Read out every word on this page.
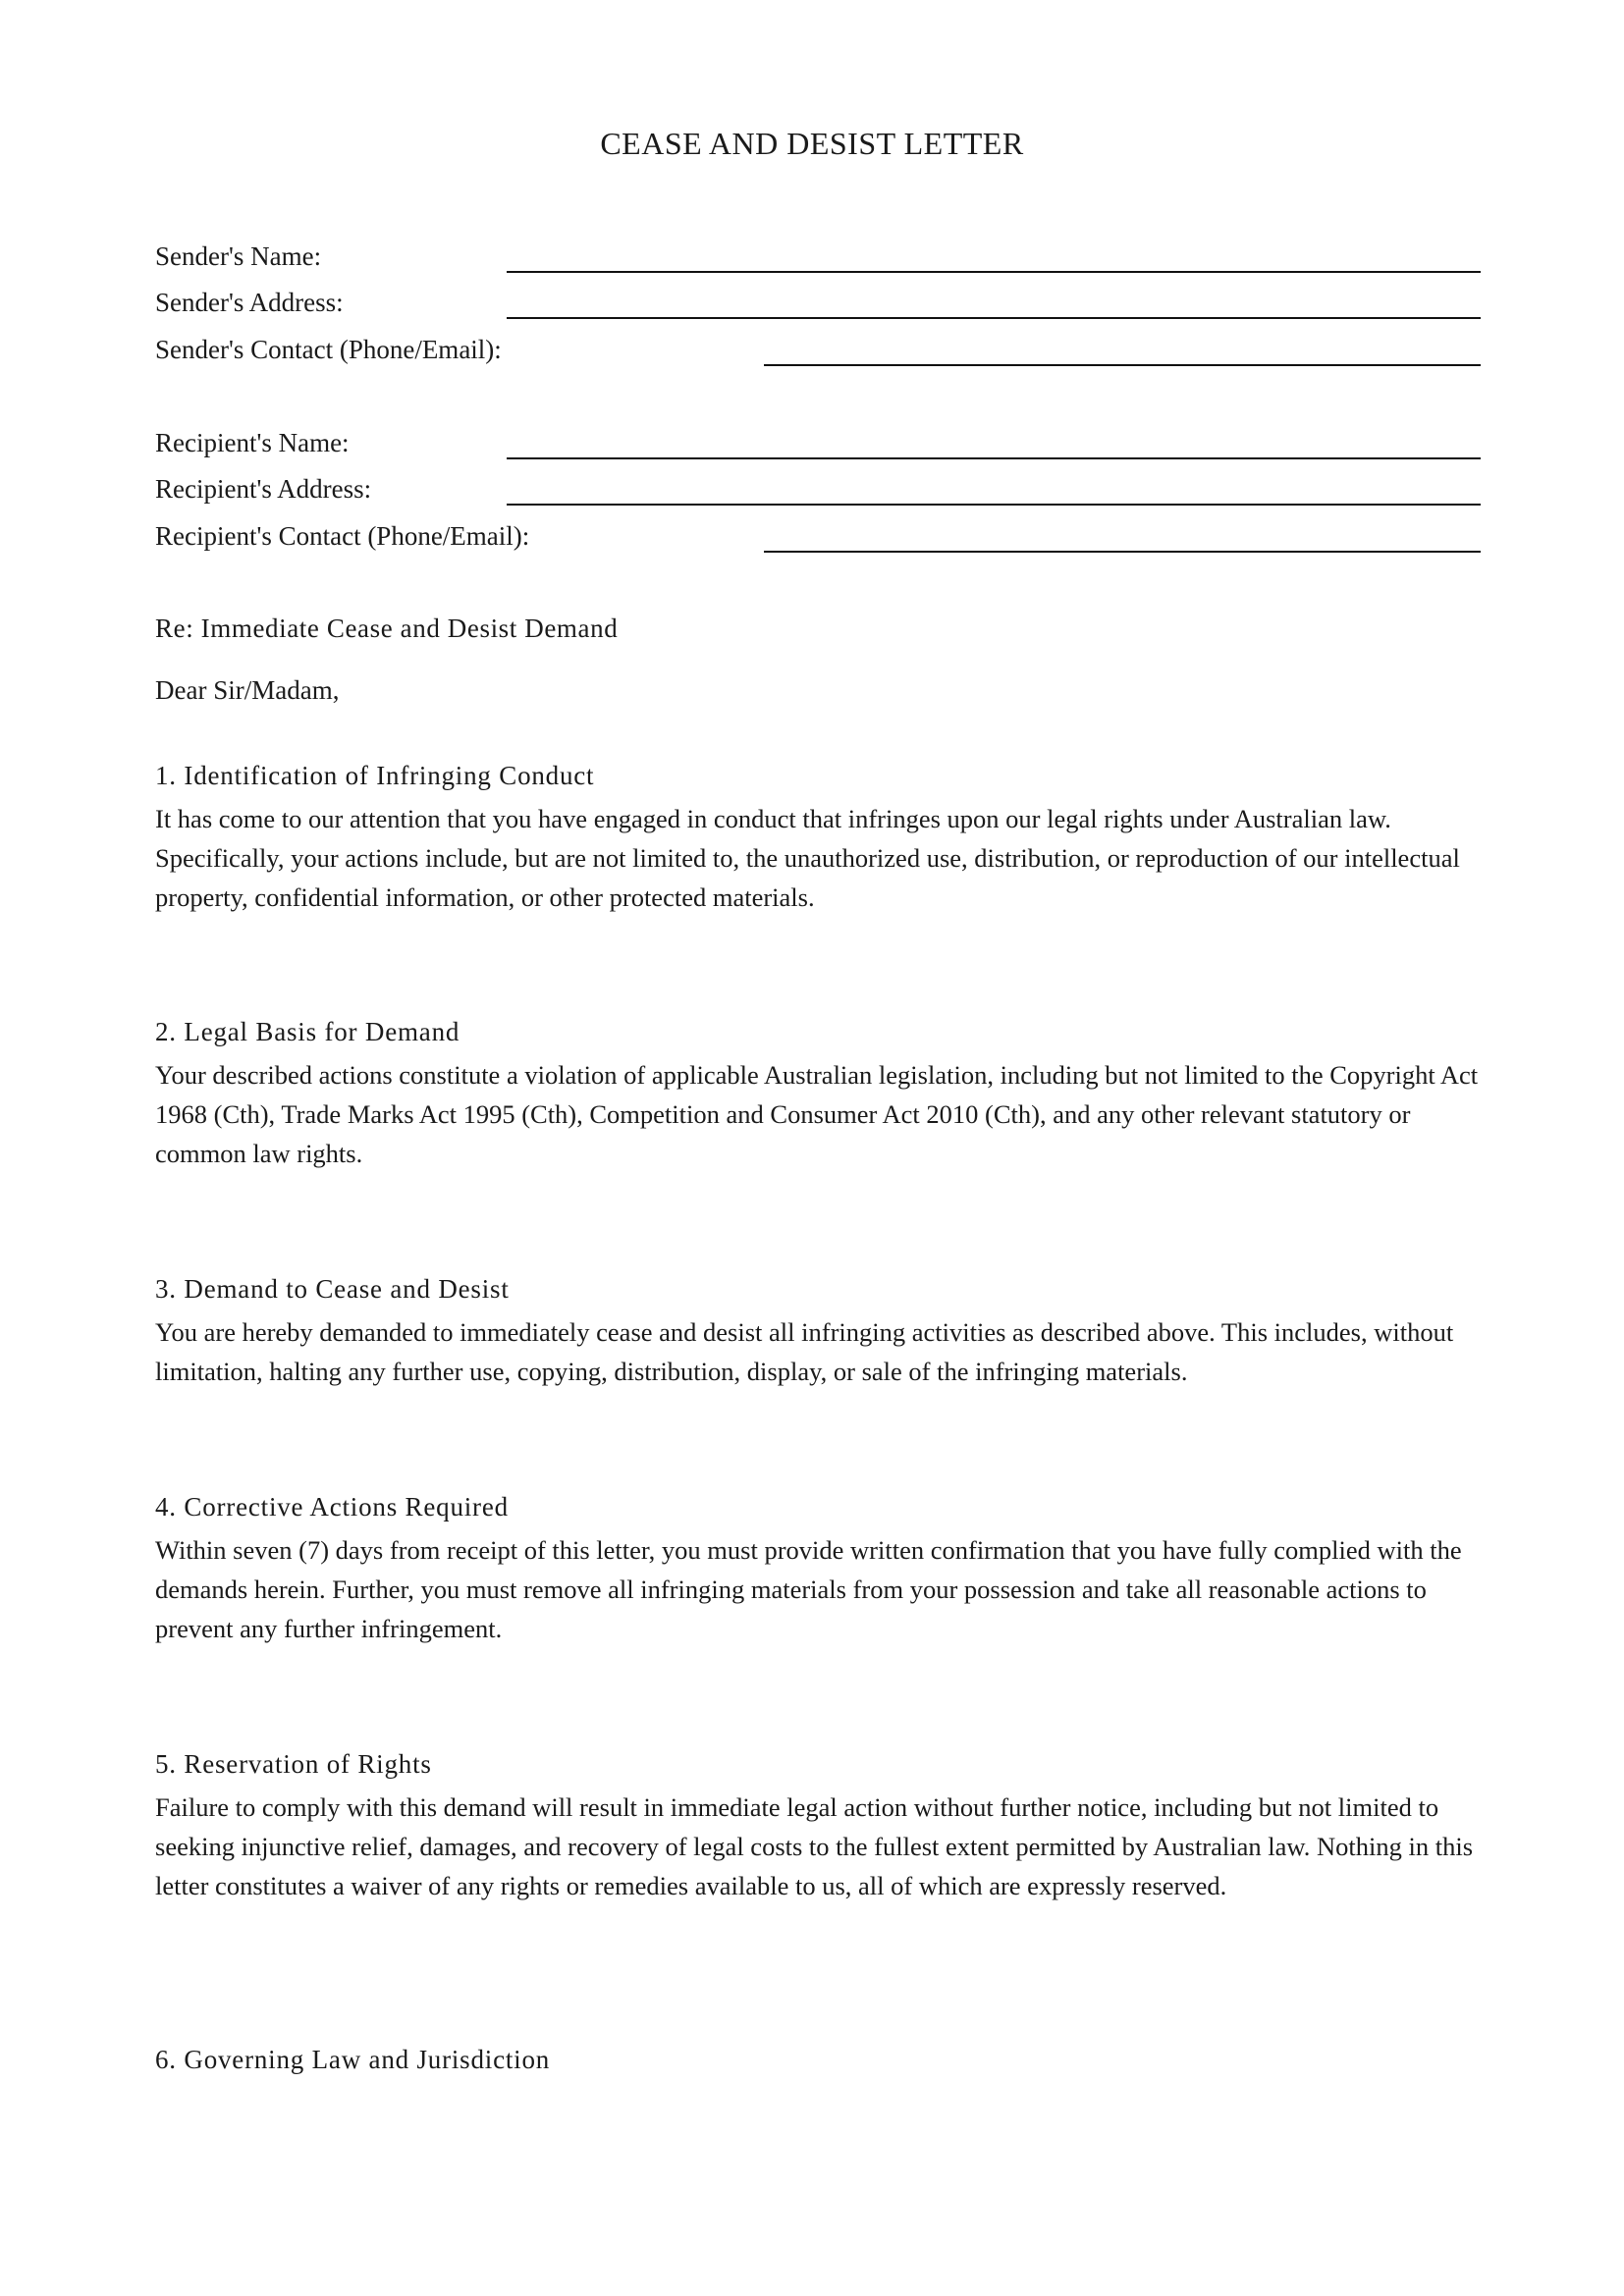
CEASE AND DESIST LETTER
Sender's Name:
Sender's Address:
Sender's Contact (Phone/Email):
Recipient's Name:
Recipient's Address:
Recipient's Contact (Phone/Email):
Re: Immediate Cease and Desist Demand
Dear Sir/Madam,
1. Identification of Infringing Conduct

It has come to our attention that you have engaged in conduct that infringes upon our legal rights under Australian law. Specifically, your actions include, but are not limited to, the unauthorized use, distribution, or reproduction of our intellectual property, confidential information, or other protected materials.

2. Legal Basis for Demand

Your described actions constitute a violation of applicable Australian legislation, including but not limited to the Copyright Act 1968 (Cth), Trade Marks Act 1995 (Cth), Competition and Consumer Act 2010 (Cth), and any other relevant statutory or common law rights.

3. Demand to Cease and Desist

You are hereby demanded to immediately cease and desist all infringing activities as described above. This includes, without limitation, halting any further use, copying, distribution, display, or sale of the infringing materials.

4. Corrective Actions Required

Within seven (7) days from receipt of this letter, you must provide written confirmation that you have fully complied with the demands herein. Further, you must remove all infringing materials from your possession and take all reasonable actions to prevent any further infringement.

5. Reservation of Rights

Failure to comply with this demand will result in immediate legal action without further notice, including but not limited to seeking injunctive relief, damages, and recovery of legal costs to the fullest extent permitted by Australian law. Nothing in this letter constitutes a waiver of any rights or remedies available to us, all of which are expressly reserved.

6. Governing Law and Jurisdiction
